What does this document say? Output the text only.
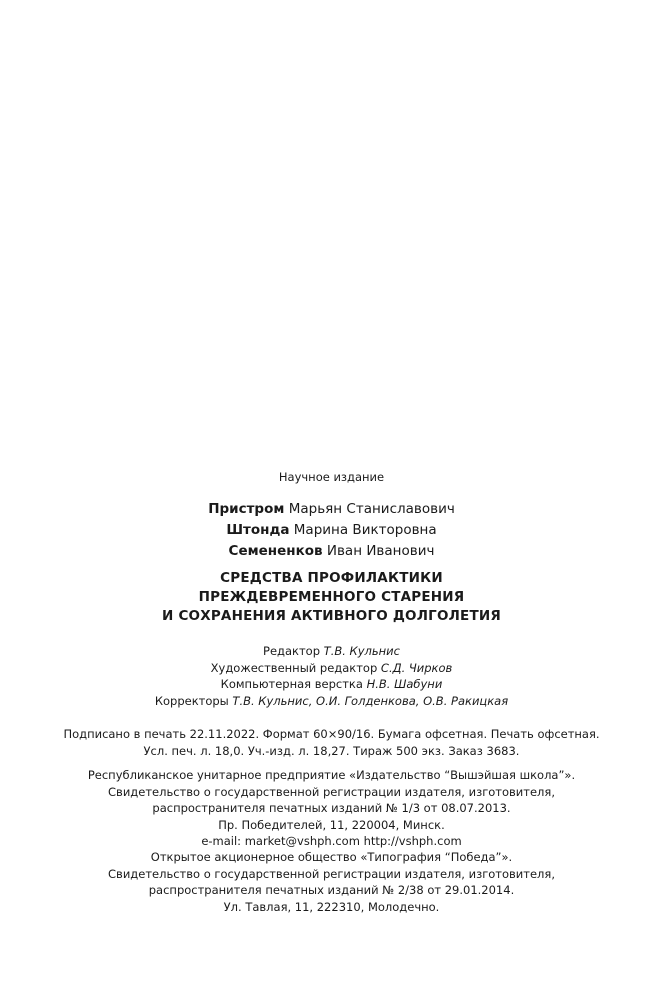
Научное издание
Пристром Марьян Станиславович
Штонда Марина Викторовна
Семененков Иван Иванович
СРЕДСТВА ПРОФИЛАКТИКИ
ПРЕЖДЕВРЕМЕННОГО СТАРЕНИЯ
И СОХРАНЕНИЯ АКТИВНОГО ДОЛГОЛЕТИЯ
Редактор Т.В. Кульнис
Художественный редактор С.Д. Чирков
Компьютерная верстка Н.В. Шабуни
Корректоры Т.В. Кульнис, О.И. Голденкова, О.В. Ракицкая
Подписано в печать 22.11.2022. Формат 60×90/16. Бумага офсетная. Печать офсетная.
Усл. печ. л. 18,0. Уч.-изд. л. 18,27. Тираж 500 экз. Заказ 3683.
Республиканское унитарное предприятие «Издательство “Вышэйшая школа”».
Свидетельство о государственной регистрации издателя, изготовителя,
распространителя печатных изданий № 1/3 от 08.07.2013.
Пр. Победителей, 11, 220004, Минск.
e-mail: market@vshph.com http://vshph.com
Открытое акционерное общество «Типография “Победа”».
Свидетельство о государственной регистрации издателя, изготовителя,
распространителя печатных изданий № 2/38 от 29.01.2014.
Ул. Тавлая, 11, 222310, Молодечно.
